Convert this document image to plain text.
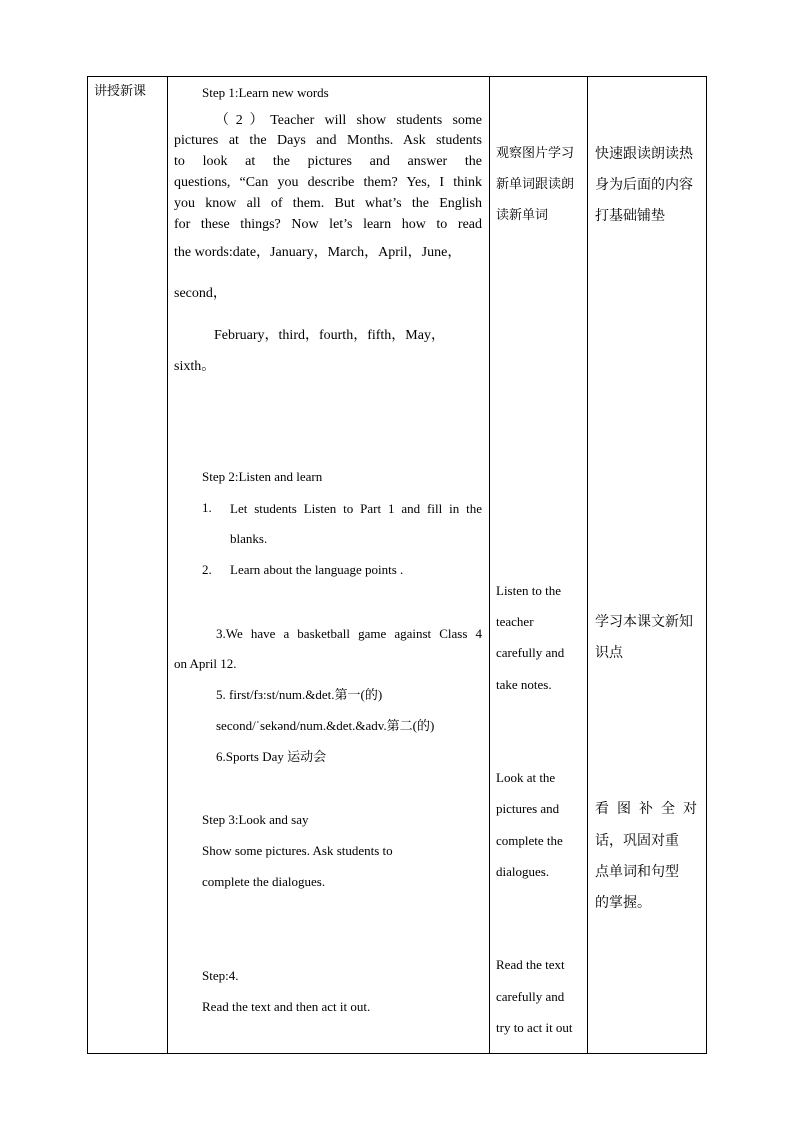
讲授新课	Step 1:Learn new words
（2）Teacher will show students some
pictures at the Days and Months. Ask students
to look at the pictures and answer the
questions, “Can you describe them? Yes, I think
you know all of them. But what’s the English
for these things? Now let’s learn how to read
the words:date，January，March，April，June，
second，
February，third，fourth，fifth，May，
sixth。
Step 2:Listen and learn
1. Let students Listen to Part 1 and fill in the
blanks.
2. Learn about the language points .
3.We have a basketball game against Class 4
on April 12.
5. first/fз:st/num.&det.第一(的)
second/ˈsekənd/num.&det.&adv.第二(的)
6.Sports Day 运动会
Step 3:Look and say
Show some pictures. Ask students to
complete the dialogues.
Step:4.
Read the text and then act it out.
观察图片学习
新单词跟读朗
读新单词
Listen to the
teacher
carefully and
take notes.
Look at the
pictures and
complete the
dialogues.
Read the text
carefully and
try to act it out
快速跟读朗读热
身为后面的内容
打基础铺垫
学习本课文新知
识点
看图补全对
话，巩固对重
点单词和句型
的掌握。
